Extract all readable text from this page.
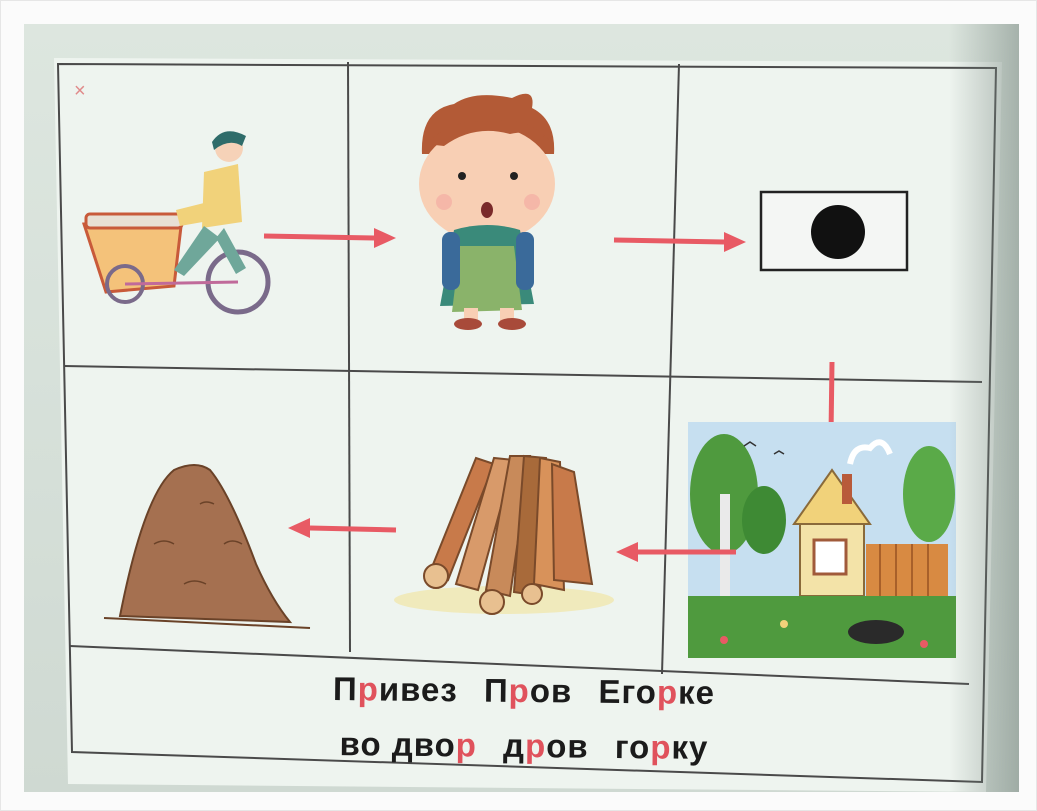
×
Привез Пров Егорке
во двор дров горку
